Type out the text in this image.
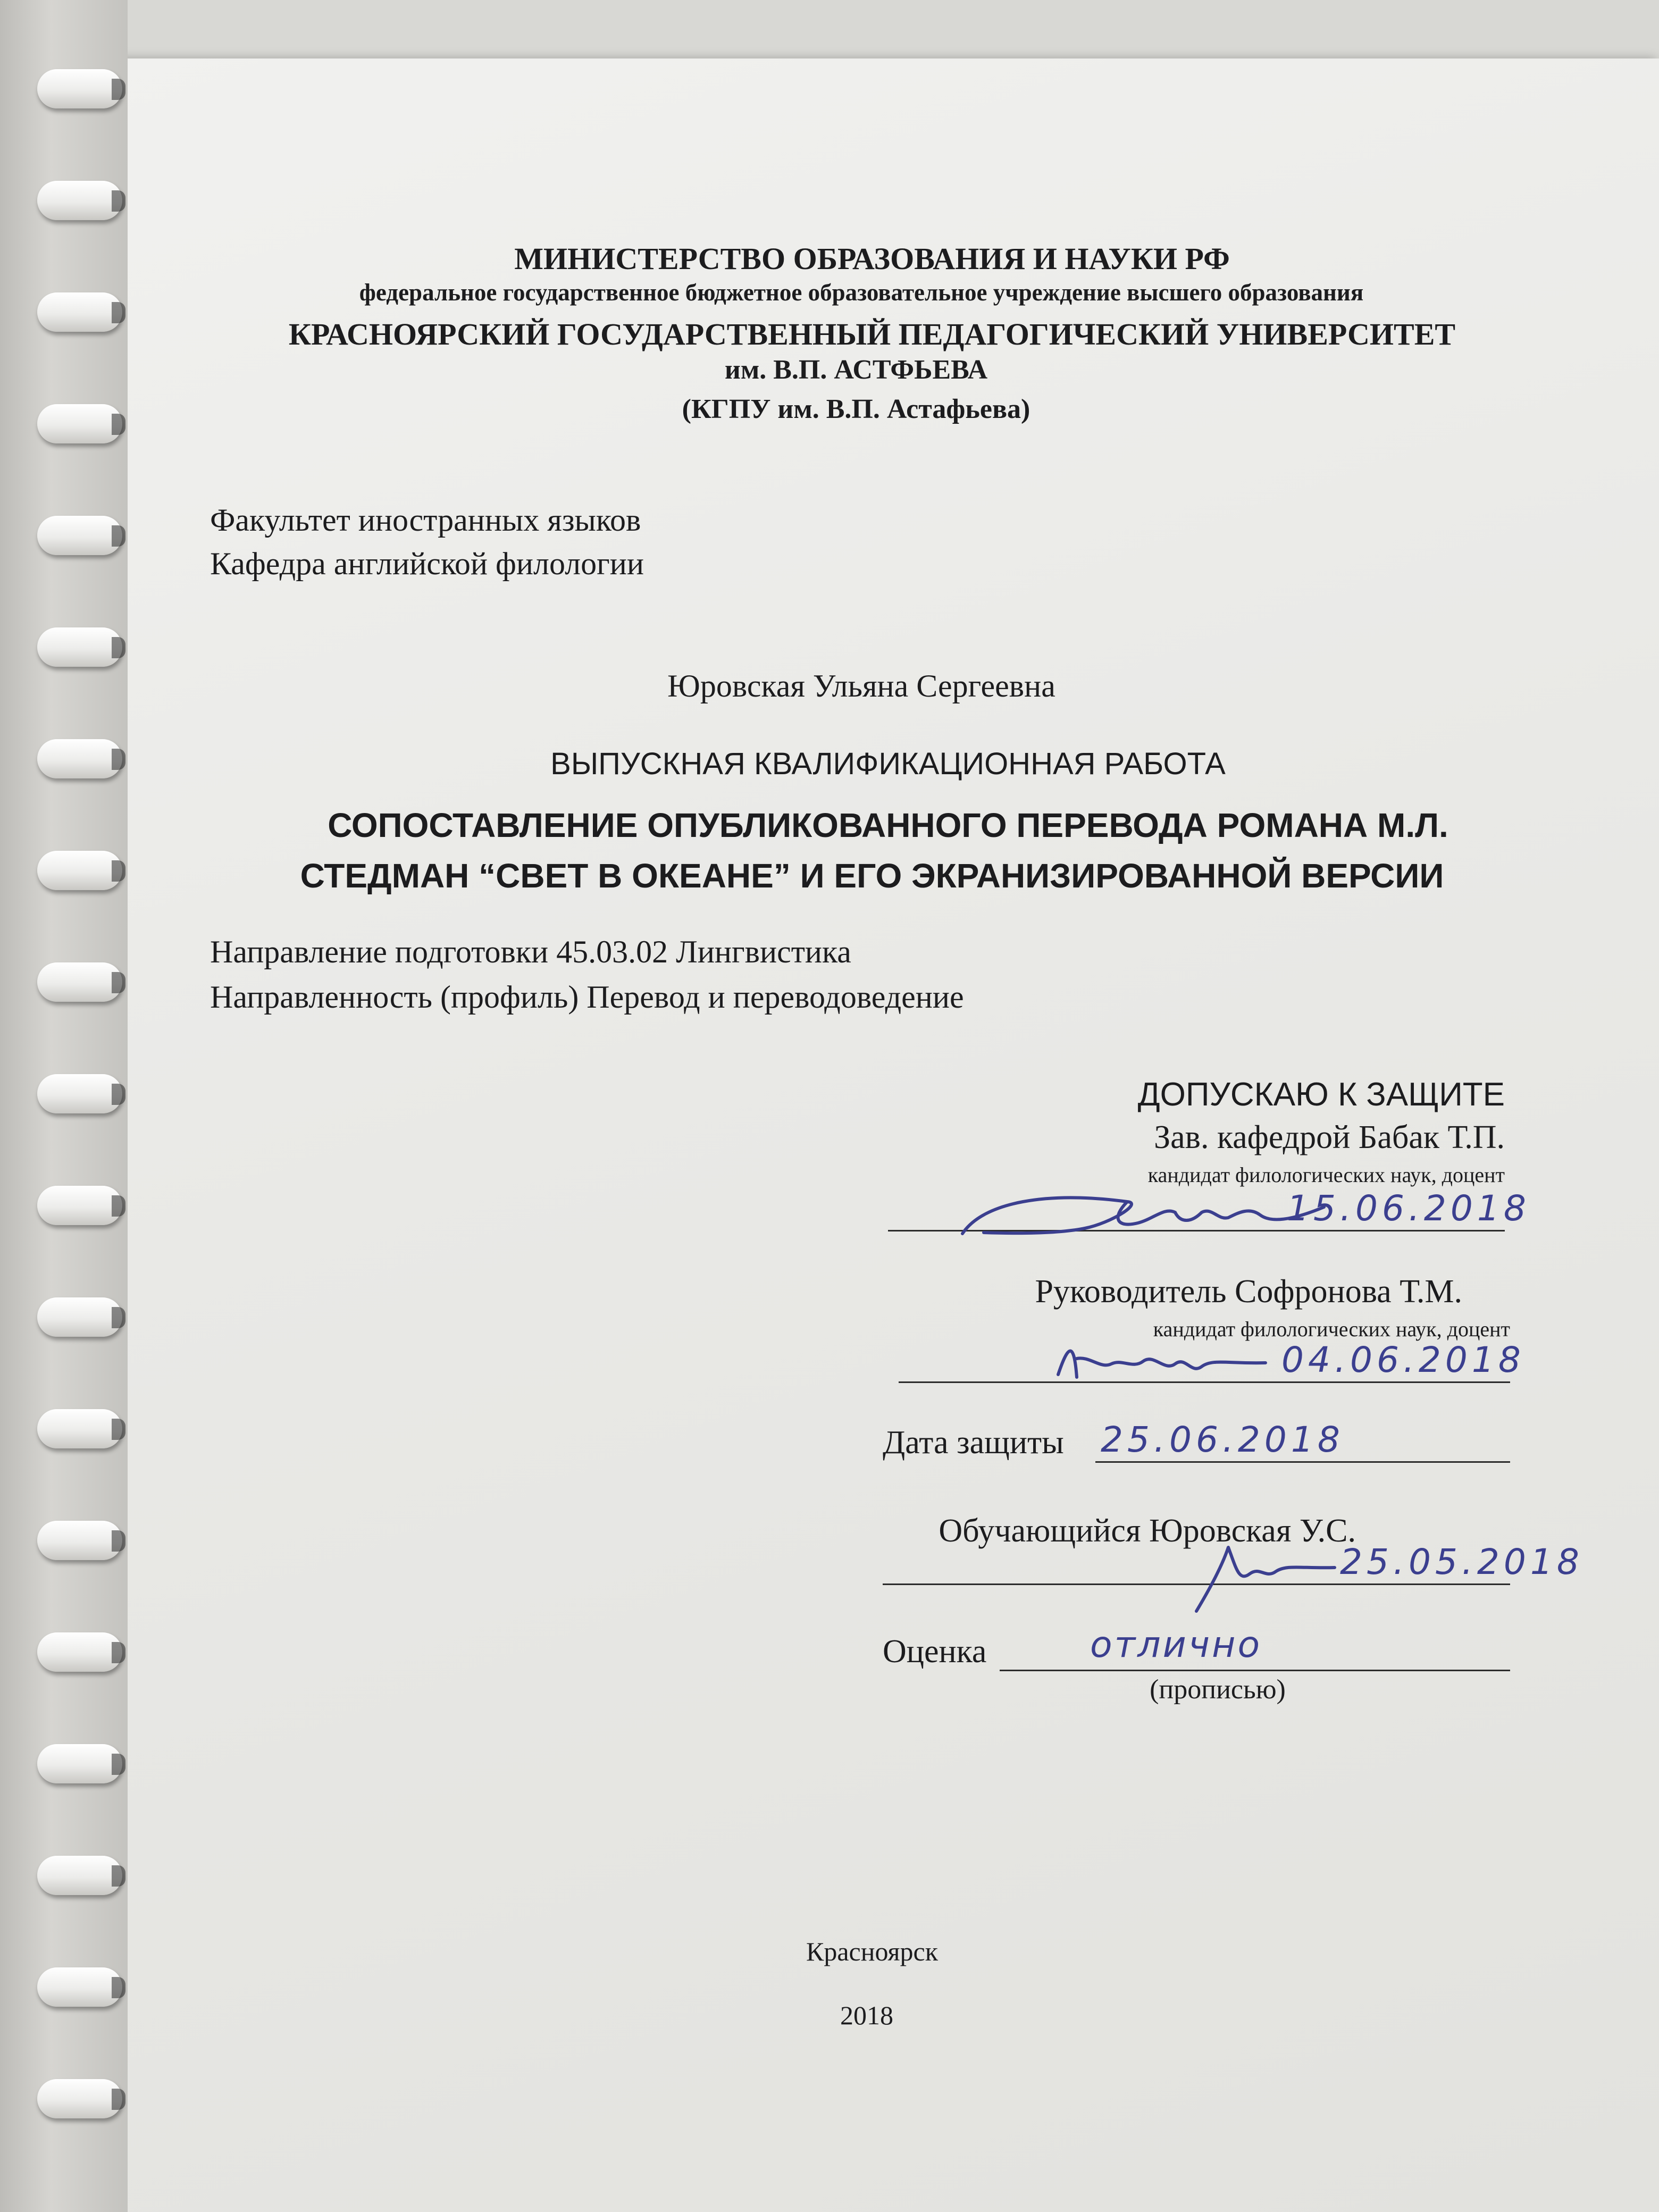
МИНИСТЕРСТВО ОБРАЗОВАНИЯ И НАУКИ РФ
федеральное государственное бюджетное образовательное учреждение высшего образования
КРАСНОЯРСКИЙ ГОСУДАРСТВЕННЫЙ ПЕДАГОГИЧЕСКИЙ УНИВЕРСИТЕТ
им. В.П. АСТФЬЕВА
(КГПУ им. В.П. Астафьева)
Факультет иностранных языков
Кафедра английской филологии
Юровская Ульяна Сергеевна
ВЫПУСКНАЯ КВАЛИФИКАЦИОННАЯ РАБОТА
СОПОСТАВЛЕНИЕ ОПУБЛИКОВАННОГО ПЕРЕВОДА РОМАНА М.Л.
СТЕДМАН “СВЕТ В ОКЕАНЕ” И ЕГО ЭКРАНИЗИРОВАННОЙ ВЕРСИИ
Направление подготовки 45.03.02 Лингвистика
Направленность (профиль) Перевод и переводоведение
ДОПУСКАЮ К ЗАЩИТЕ
Зав. кафедрой Бабак Т.П.
кандидат филологических наук, доцент
15.06.2018
Руководитель Софронова Т.М.
кандидат филологических наук, доцент
04.06.2018
Дата защиты 25.06.2018
Обучающийся Юровская У.С.
25.05.2018
Оценка	отлично
(прописью)
Красноярск
2018
